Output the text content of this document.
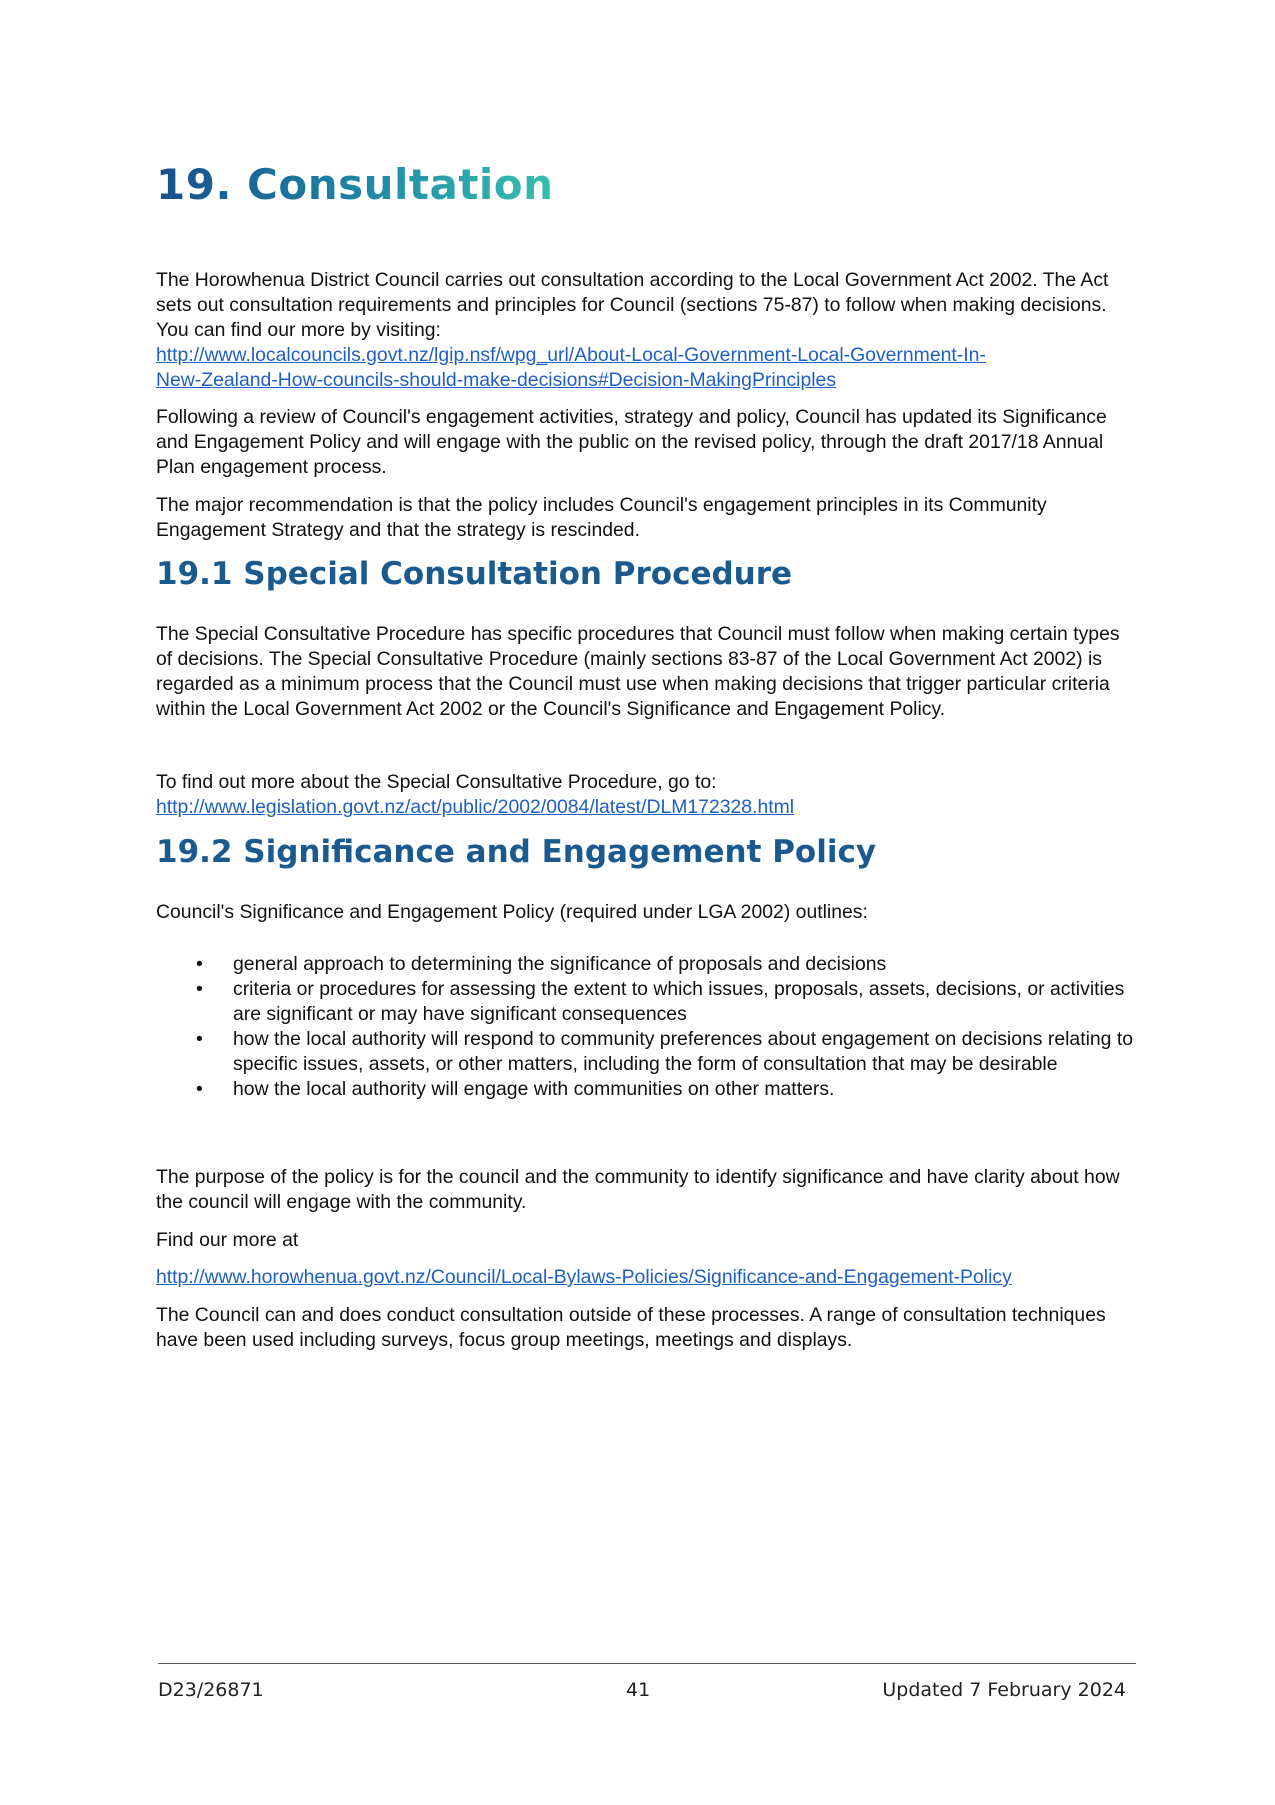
19. Consultation

The Horowhenua District Council carries out consultation according to the Local Government Act 2002. The Act sets out consultation requirements and principles for Council (sections 75-87) to follow when making decisions. You can find our more by visiting:

http://www.localcouncils.govt.nz/lgip.nsf/wpg_url/About-Local-Government-Local-Government-In-

New-Zealand-How-councils-should-make-decisions#Decision-MakingPrinciples

Following a review of Council's engagement activities, strategy and policy, Council has updated its Significance and Engagement Policy and will engage with the public on the revised policy, through the draft 2017/18 Annual Plan engagement process.

The major recommendation is that the policy includes Council's engagement principles in its Community Engagement Strategy and that the strategy is rescinded.

19.1 Special Consultation Procedure

The Special Consultative Procedure has specific procedures that Council must follow when making certain types of decisions. The Special Consultative Procedure (mainly sections 83-87 of the Local Government Act 2002) is regarded as a minimum process that the Council must use when making decisions that trigger particular criteria within the Local Government Act 2002 or the Council's Significance and Engagement Policy.

To find out more about the Special Consultative Procedure, go to:

http://www.legislation.govt.nz/act/public/2002/0084/latest/DLM172328.html

19.2 Significance and Engagement Policy

Council's Significance and Engagement Policy (required under LGA 2002) outlines:

• general approach to determining the significance of proposals and decisions
• criteria or procedures for assessing the extent to which issues, proposals, assets, decisions, or activities are significant or may have significant consequences
• how the local authority will respond to community preferences about engagement on decisions relating to specific issues, assets, or other matters, including the form of consultation that may be desirable
• how the local authority will engage with communities on other matters.

The purpose of the policy is for the council and the community to identify significance and have clarity about how the council will engage with the community.

Find our more at

http://www.horowhenua.govt.nz/Council/Local-Bylaws-Policies/Significance-and-Engagement-Policy

The Council can and does conduct consultation outside of these processes. A range of consultation techniques have been used including surveys, focus group meetings, meetings and displays.

D23/26871	41	Updated 7 February 2024
